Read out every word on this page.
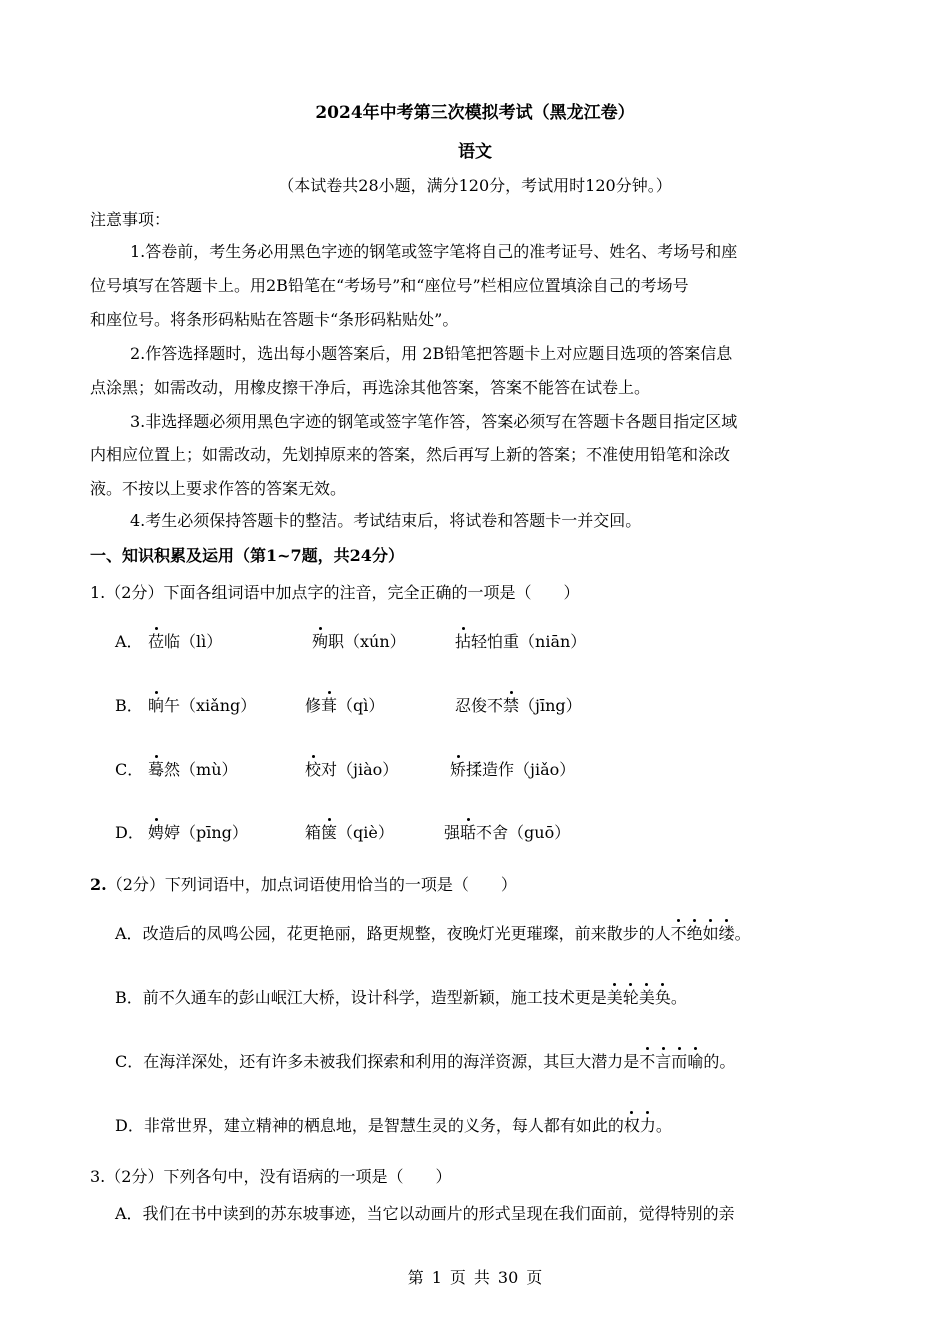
2024年中考第三次模拟考试（黑龙江卷）
语文
（本试卷共28小题，满分120分，考试用时120分钟。）
注意事项：
1.答卷前，考生务必用黑色字迹的钢笔或签字笔将自己的准考证号、姓名、考场号和座
位号填写在答题卡上。用2B铅笔在“考场号”和“座位号”栏相应位置填涂自己的考场号
和座位号。将条形码粘贴在答题卡“条形码粘贴处”。
2.作答选择题时，选出每小题答案后，用 2B铅笔把答题卡上对应题目选项的答案信息
点涂黑；如需改动，用橡皮擦干净后，再选涂其他答案，答案不能答在试卷上。
3.非选择题必须用黑色字迹的钢笔或签字笔作答，答案必须写在答题卡各题目指定区域
内相应位置上；如需改动，先划掉原来的答案，然后再写上新的答案；不准使用铅笔和涂改
液。不按以上要求作答的答案无效。
4.考生必须保持答题卡的整洁。考试结束后，将试卷和答题卡一并交回。
一、知识积累及运用（第1~7题，共24分）
1.（2分）下面各组词语中加点字的注音，完全正确的一项是（　　）
A． 莅临（lì）	殉职（xún）	拈轻怕重（niān）
B． 晌午（xiǎng）	修葺（qì）	忍俊不禁（jīng）
C． 蓦然（mù）	校对（jiào）	矫揉造作（jiǎo）
D． 娉婷（pīng）	箱箧（qiè）	强聒不舍（guō）
2.（2分）下列词语中，加点词语使用恰当的一项是（　　）
A．改造后的凤鸣公园，花更艳丽，路更规整，夜晚灯光更璀璨，前来散步的人不绝如缕。
B．前不久通车的彭山岷江大桥，设计科学，造型新颖，施工技术更是美轮美奂。
C．在海洋深处，还有许多未被我们探索和利用的海洋资源，其巨大潜力是不言而喻的。
D．非常世界，建立精神的栖息地，是智慧生灵的义务，每人都有如此的权力。
3.（2分）下列各句中，没有语病的一项是（　　）
A．我们在书中读到的苏东坡事迹，当它以动画片的形式呈现在我们面前，觉得特别的亲
第 1 页 共 30 页
